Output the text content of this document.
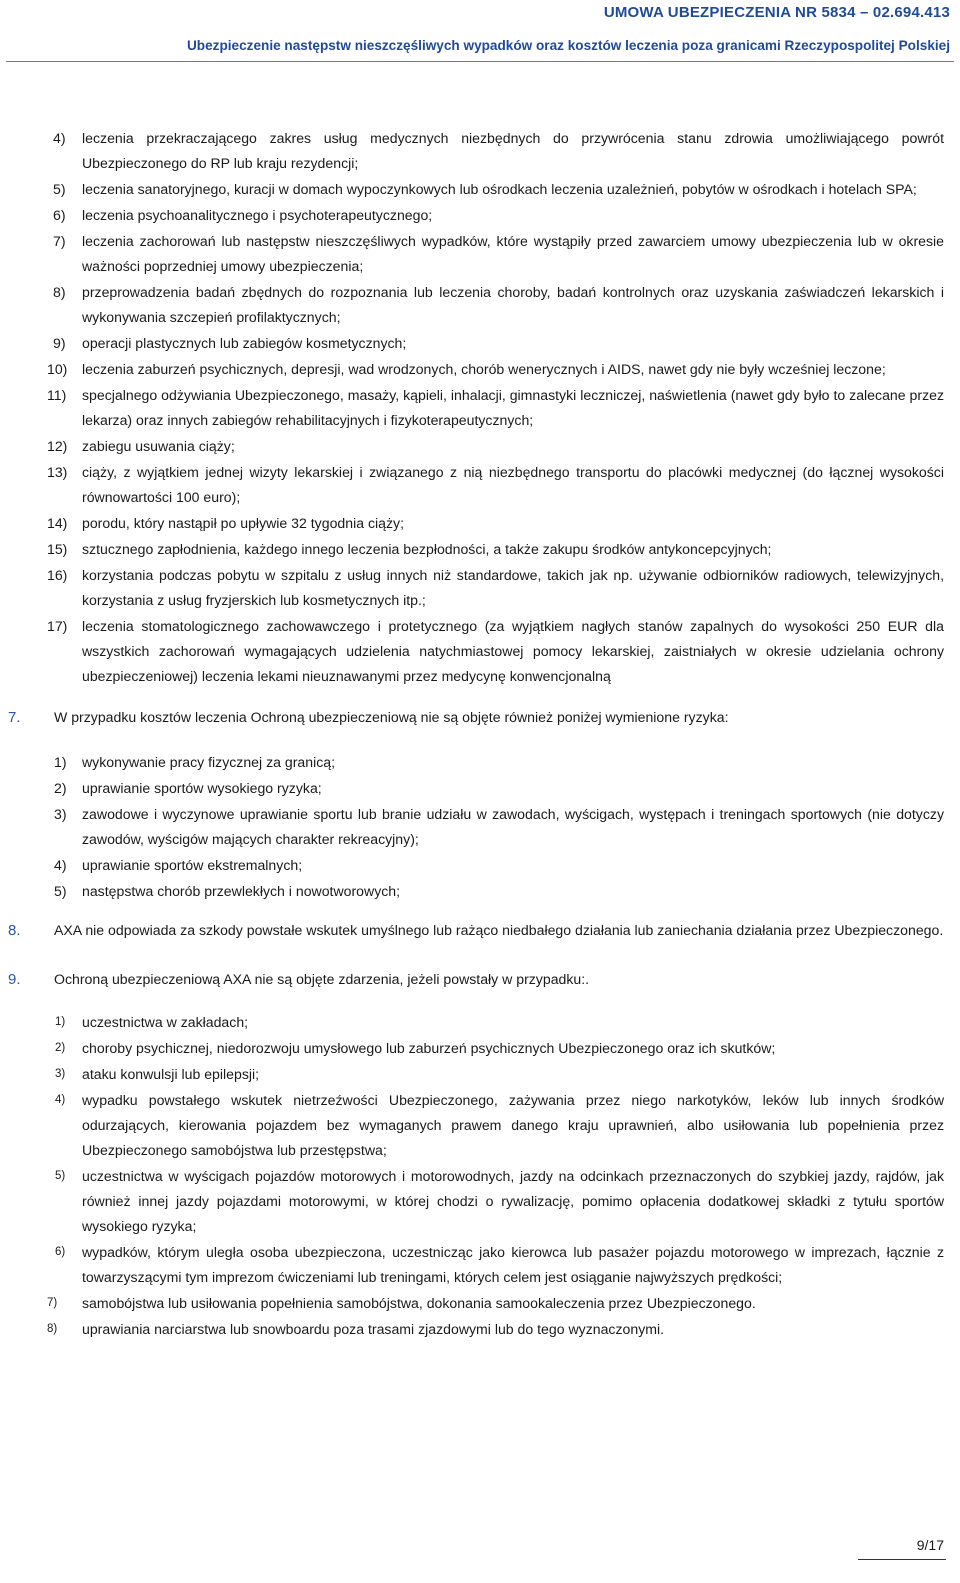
UMOWA UBEZPIECZENIA NR 5834 – 02.694.413
Ubezpieczenie następstw nieszczęśliwych wypadków oraz kosztów leczenia poza granicami Rzeczypospolitej Polskiej
4) leczenia przekraczającego zakres usług medycznych niezbędnych do przywrócenia stanu zdrowia umożliwiającego powrót Ubezpieczonego do RP lub kraju rezydencji;
5) leczenia sanatoryjnego, kuracji w domach wypoczynkowych lub ośrodkach leczenia uzależnień, pobytów w ośrodkach i hotelach SPA;
6) leczenia psychoanalitycznego i psychoterapeutycznego;
7) leczenia zachorowań lub następstw nieszczęśliwych wypadków, które wystąpiły przed zawarciem umowy ubezpieczenia lub w okresie ważności poprzedniej umowy ubezpieczenia;
8) przeprowadzenia badań zbędnych do rozpoznania lub leczenia choroby, badań kontrolnych oraz uzyskania zaświadczeń lekarskich i wykonywania szczepień profilaktycznych;
9) operacji plastycznych lub zabiegów kosmetycznych;
10) leczenia zaburzeń psychicznych, depresji, wad wrodzonych, chorób wenerycznych i AIDS, nawet gdy nie były wcześniej leczone;
11) specjalnego odżywiania Ubezpieczonego, masaży, kąpieli, inhalacji, gimnastyki leczniczej, naświetlenia (nawet gdy było to zalecane przez lekarza) oraz innych zabiegów rehabilitacyjnych i fizykoterapeutycznych;
12) zabiegu usuwania ciąży;
13) ciąży, z wyjątkiem jednej wizyty lekarskiej i związanego z nią niezbędnego transportu do placówki medycznej (do łącznej wysokości równowartości 100 euro);
14) porodu, który nastąpił po upływie 32 tygodnia ciąży;
15) sztucznego zapłodnienia, każdego innego leczenia bezpłodności, a także zakupu środków antykoncepcyjnych;
16) korzystania podczas pobytu w szpitalu z usług innych niż standardowe, takich jak np. używanie odbiorników radiowych, telewizyjnych, korzystania z usług fryzjerskich lub kosmetycznych itp.;
17) leczenia stomatologicznego zachowawczego i protetycznego (za wyjątkiem nagłych stanów zapalnych do wysokości 250 EUR dla wszystkich zachorowań wymagających udzielenia natychmiastowej pomocy lekarskiej, zaistniałych w okresie udzielania ochrony ubezpieczeniowej) leczenia lekami nieuznawanymi przez medycynę konwencjonalną
7. W przypadku kosztów leczenia Ochroną ubezpieczeniową nie są objęte również poniżej wymienione ryzyka:
1) wykonywanie pracy fizycznej za granicą;
2) uprawianie sportów wysokiego ryzyka;
3) zawodowe i wyczynowe uprawianie sportu lub branie udziału w zawodach, wyścigach, występach i treningach sportowych (nie dotyczy zawodów, wyścigów mających charakter rekreacyjny);
4) uprawianie sportów ekstremalnych;
5) następstwa chorób przewlekłych i nowotworowych;
8. AXA nie odpowiada za szkody powstałe wskutek umyślnego lub rażąco niedbałego działania lub zaniechania działania przez Ubezpieczonego.
9. Ochroną ubezpieczeniową AXA nie są objęte zdarzenia, jeżeli powstały w przypadku:.
1) uczestnictwa w zakładach;
2) choroby psychicznej, niedorozwoju umysłowego lub zaburzeń psychicznych Ubezpieczonego oraz ich skutków;
3) ataku konwulsji lub epilepsji;
4) wypadku powstałego wskutek nietrzeźwości Ubezpieczonego, zażywania przez niego narkotyków, leków lub innych środków odurzających, kierowania pojazdem bez wymaganych prawem danego kraju uprawnień, albo usiłowania lub popełnienia przez Ubezpieczonego samobójstwa lub przestępstwa;
5) uczestnictwa w wyścigach pojazdów motorowych i motorowodnych, jazdy na odcinkach przeznaczonych do szybkiej jazdy, rajdów, jak również innej jazdy pojazdami motorowymi, w której chodzi o rywalizację, pomimo opłacenia dodatkowej składki z tytułu sportów wysokiego ryzyka;
6) wypadków, którym uległa osoba ubezpieczona, uczestnicząc jako kierowca lub pasażer pojazdu motorowego w imprezach, łącznie z towarzyszącymi tym imprezom ćwiczeniami lub treningami, których celem jest osiąganie najwyższych prędkości;
7) samobójstwa lub usiłowania popełnienia samobójstwa, dokonania samookaleczenia przez Ubezpieczonego.
8) uprawiania narciarstwa lub snowboardu poza trasami zjazdowymi lub do tego wyznaczonymi.
9/17
